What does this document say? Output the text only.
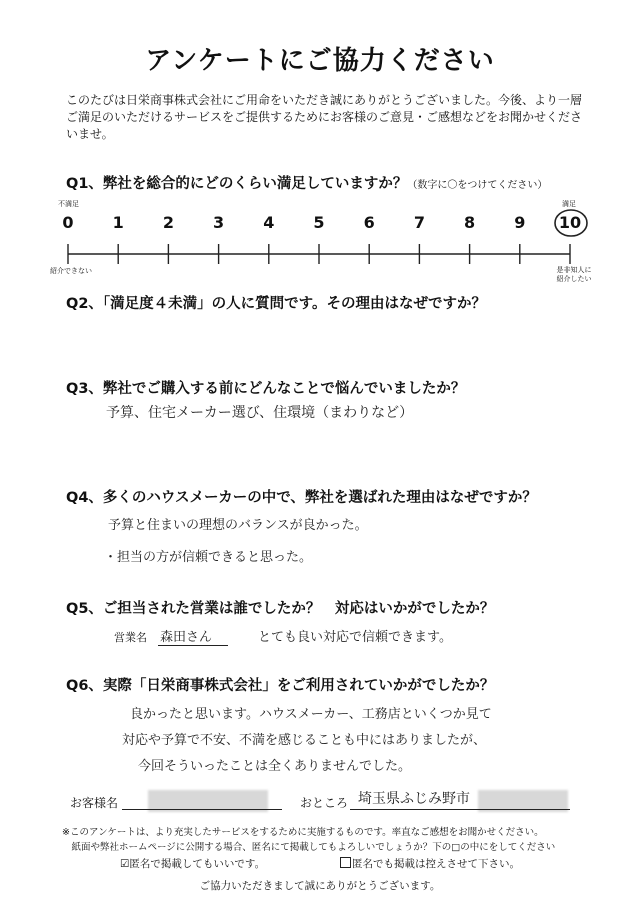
アンケートにご協力ください
このたびは日栄商事株式会社にご用命をいただき誠にありがとうございました。今後、より一層ご満足のいただけるサービスをご提供するためにお客様のご意見・ご感想などをお聞かせくださいませ。
Q1、弊社を総合的にどのくらい満足していますか？（数字に〇をつけてください）
不満足	満足
0	1	2	3	4	5	6	7	8	9	10
紹介できない	是非知人に紹介したい
Q2、「満足度４未満」の人に質問です。その理由はなぜですか？
Q3、弊社でご購入する前にどんなことで悩んでいましたか？
予算、住宅メーカー選び、住環境（まわりなど）
Q4、多くのハウスメーカーの中で、弊社を選ばれた理由はなぜですか？
予算と住まいの理想のバランスが良かった。
・担当の方が信頼できると思った。
Q5、ご担当された営業は誰でしたか？　対応はいかがでしたか？
営業名 森田さん	とても良い対応で信頼できます。
Q6、実際「日栄商事株式会社」をご利用されていかがでしたか？
良かったと思います。ハウスメーカー、工務店といくつか見て
対応や予算で不安、不満を感じることも中にはありましたが、
今回そういったことは全くありませんでした。
お客様名	おところ 埼玉県ふじみ野市
※このアンケートは、より充実したサービスをするために実施するものです。率直なご感想をお聞かせください。
　紙面や弊社ホームページに公開する場合、匿名にて掲載してもよろしいでしょうか？下の□の中にをしてください
☑匿名で掲載してもいいです。	匿名でも掲載は控えさせて下さい。
ご協力いただきまして誠にありがとうございます。
